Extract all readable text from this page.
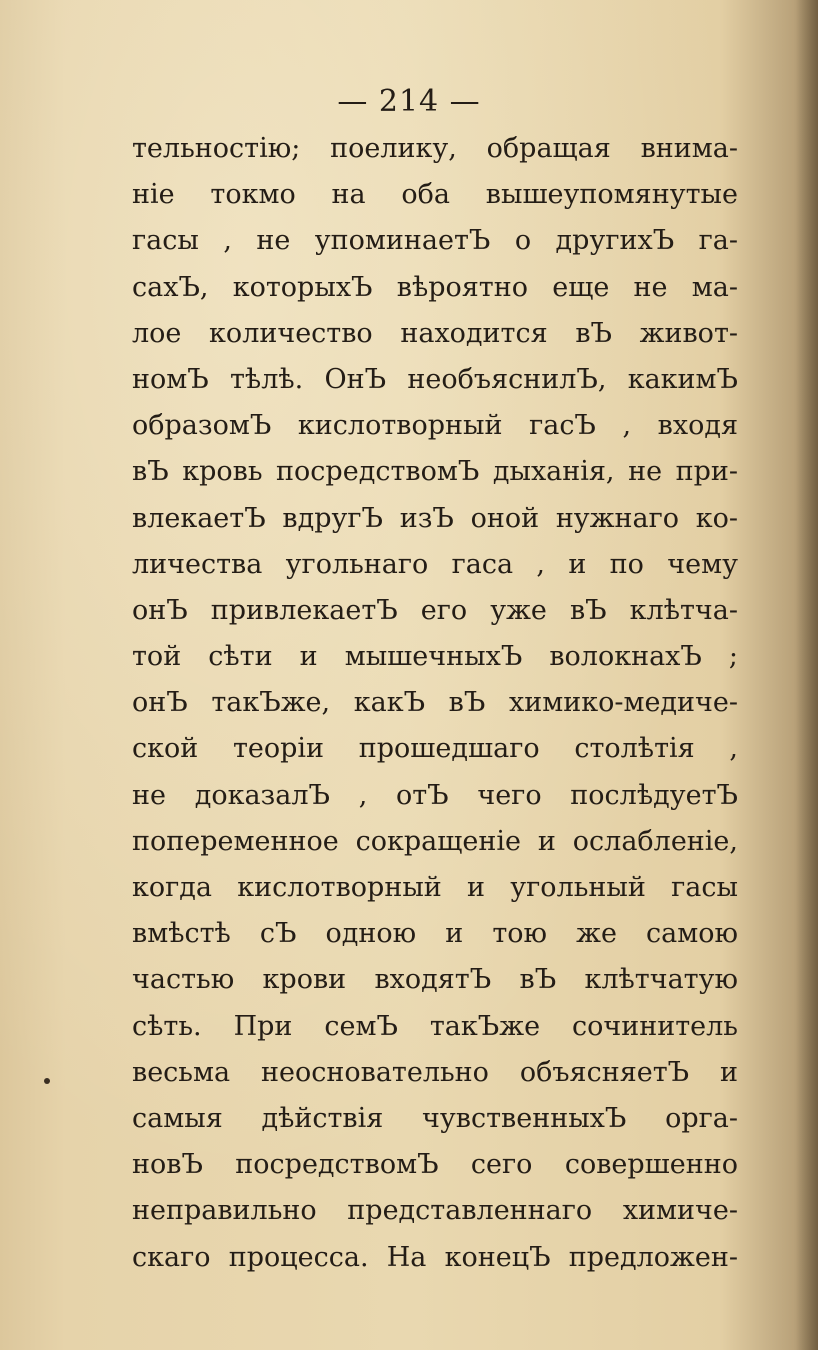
— 214 —
тельностію; поелику, обращая внима-
ніе токмо на оба вышеупомянутые
гасы , не упоминаетЪ о другихЪ га-
сахЪ, которыхЪ вѣроятно еще не ма-
лое количество находится вЪ живот-
номЪ тѣлѣ. ОнЪ необъяснилЪ, какимЪ
образомЪ кислотворный гасЪ , входя
вЪ кровь посредствомЪ дыханія, не при-
влекаетЪ вдругЪ изЪ оной нужнаго ко-
личества угольнаго гаса , и по чему
онЪ привлекаетЪ его уже вЪ клѣтча-
той сѣти и мышечныхЪ волокнахЪ ;
онЪ такЪже, какЪ вЪ химико-медиче-
ской теоріи прошедшаго столѣтія ,
не доказалЪ , отЪ чего послѣдуетЪ
попеременное сокращеніе и ослабленіе,
когда кислотворный и угольный гасы
вмѣстѣ сЪ одною и тою же самою
частью крови входятЪ вЪ клѣтчатую
сѣть. При семЪ такЪже сочинитель
весьма неосновательно объясняетЪ и
самыя дѣйствія чувственныхЪ орга-
новЪ посредствомЪ сего совершенно
неправильно представленнаго химиче-
скаго процесса. На конецЪ предложен-
